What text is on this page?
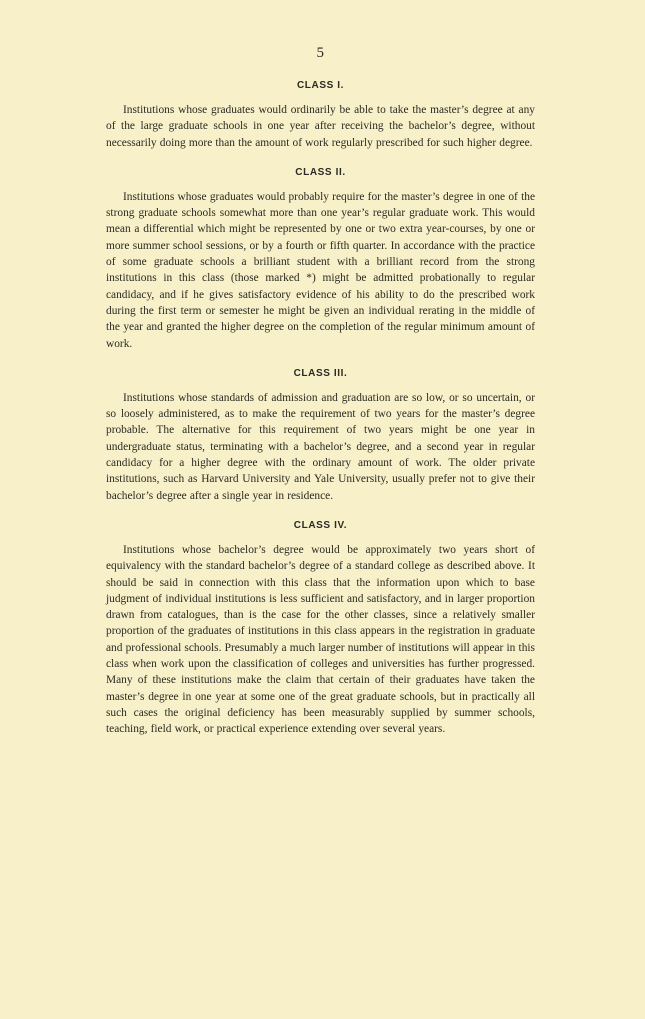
5
CLASS I.

Institutions whose graduates would ordinarily be able to take the master’s degree at any of the large graduate schools in one year after receiving the bachelor’s degree, without necessarily doing more than the amount of work regularly prescribed for such higher degree.

CLASS II.

Institutions whose graduates would probably require for the master’s degree in one of the strong graduate schools somewhat more than one year’s regular graduate work. This would mean a differential which might be represented by one or two extra year-courses, by one or more summer school sessions, or by a fourth or fifth quarter. In accordance with the practice of some graduate schools a brilliant student with a brilliant record from the strong institutions in this class (those marked *) might be admitted probationally to regular candidacy, and if he gives satisfactory evidence of his ability to do the prescribed work during the first term or semester he might be given an individual rerating in the middle of the year and granted the higher degree on the completion of the regular minimum amount of work.

CLASS III.

Institutions whose standards of admission and graduation are so low, or so uncertain, or so loosely administered, as to make the requirement of two years for the master’s degree probable. The alternative for this requirement of two years might be one year in undergraduate status, terminating with a bachelor’s degree, and a second year in regular candidacy for a higher degree with the ordinary amount of work. The older private institutions, such as Harvard University and Yale University, usually prefer not to give their bachelor’s degree after a single year in residence.

CLASS IV.

Institutions whose bachelor’s degree would be approximately two years short of equivalency with the standard bachelor’s degree of a standard college as described above. It should be said in connection with this class that the information upon which to base judgment of individual institutions is less sufficient and satisfactory, and in larger proportion drawn from catalogues, than is the case for the other classes, since a relatively smaller proportion of the graduates of institutions in this class appears in the registration in graduate and professional schools. Presumably a much larger number of institutions will appear in this class when work upon the classification of colleges and universities has further progressed. Many of these institutions make the claim that certain of their graduates have taken the master’s degree in one year at some one of the great graduate schools, but in practically all such cases the original deficiency has been measurably supplied by summer schools, teaching, field work, or practical experience extending over several years.
